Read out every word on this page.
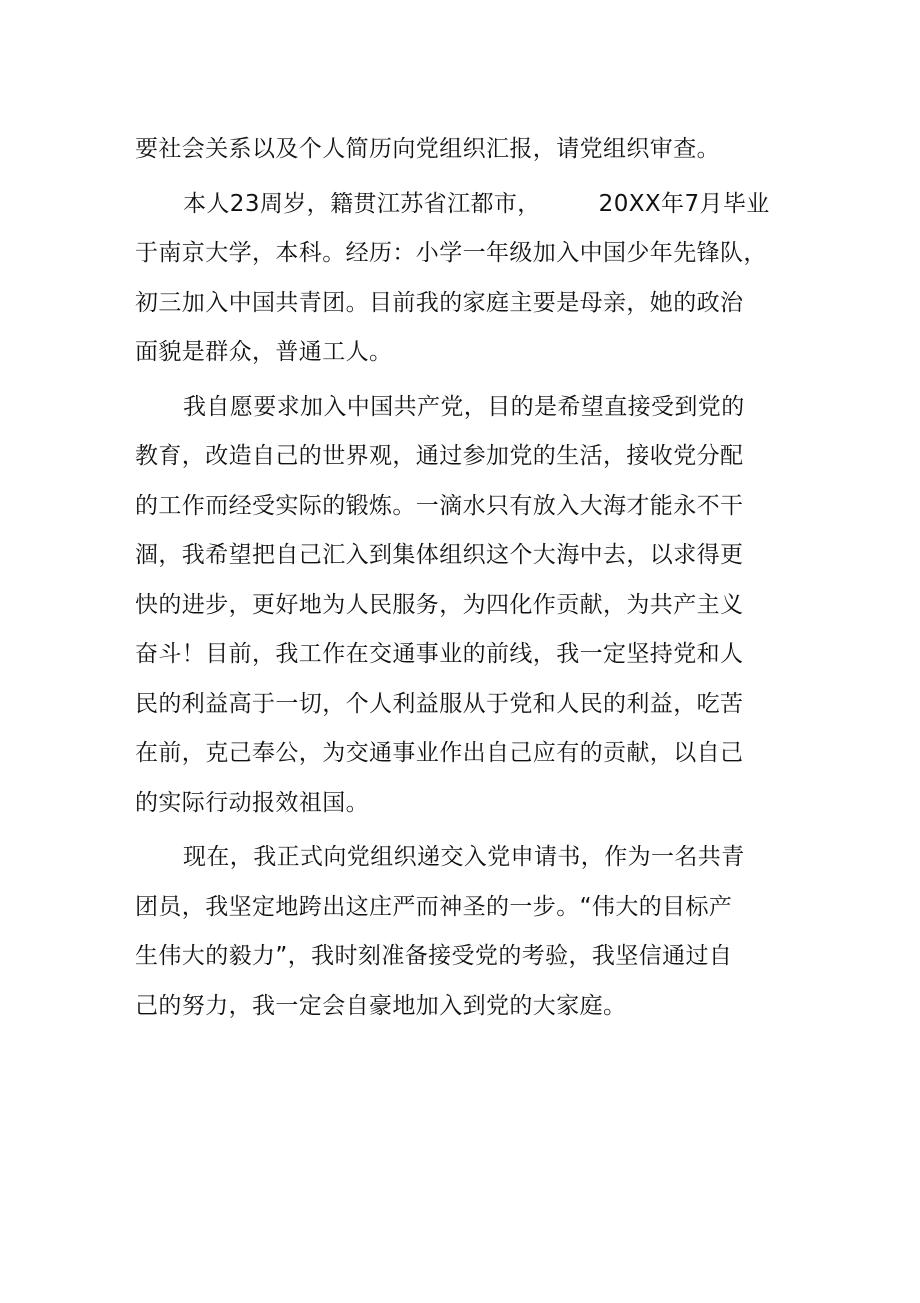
要社会关系以及个人简历向党组织汇报，请党组织审查。
本人23周岁，籍贯江苏省江都市，	20XX年7月毕业
于南京大学，本科。经历：小学一年级加入中国少年先锋队，
初三加入中国共青团。目前我的家庭主要是母亲，她的政治
面貌是群众，普通工人。
我自愿要求加入中国共产党，目的是希望直接受到党的
教育，改造自己的世界观，通过参加党的生活，接收党分配
的工作而经受实际的锻炼。一滴水只有放入大海才能永不干
涸，我希望把自己汇入到集体组织这个大海中去，以求得更
快的进步，更好地为人民服务，为四化作贡献，为共产主义
奋斗！目前，我工作在交通事业的前线，我一定坚持党和人
民的利益高于一切，个人利益服从于党和人民的利益，吃苦
在前，克己奉公，为交通事业作出自己应有的贡献，以自己
的实际行动报效祖国。
现在，我正式向党组织递交入党申请书，作为一名共青
团员，我坚定地跨出这庄严而神圣的一步。“伟大的目标产
生伟大的毅力”，我时刻准备接受党的考验，我坚信通过自
己的努力，我一定会自豪地加入到党的大家庭。
